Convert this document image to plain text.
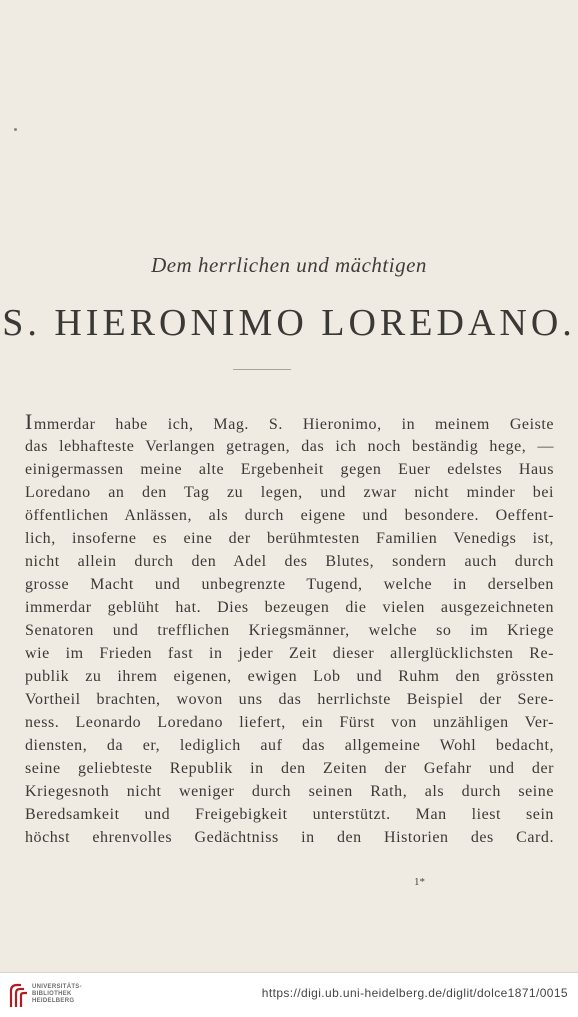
Dem herrlichen und mächtigen
S. HIERONIMO LOREDANO.
Immerdar habe ich, Mag. S. Hieronimo, in meinem Geiste
das lebhafteste Verlangen getragen, das ich noch beständig hege, —
einigermassen meine alte Ergebenheit gegen Euer edelstes Haus
Loredano an den Tag zu legen, und zwar nicht minder bei
öffentlichen Anlässen, als durch eigene und besondere. Oeffent-
lich, insoferne es eine der berühmtesten Familien Venedigs ist,
nicht allein durch den Adel des Blutes, sondern auch durch
grosse Macht und unbegrenzte Tugend, welche in derselben
immerdar geblüht hat. Dies bezeugen die vielen ausgezeichneten
Senatoren und trefflichen Kriegsmänner, welche so im Kriege
wie im Frieden fast in jeder Zeit dieser allerglücklichsten Re-
publik zu ihrem eigenen, ewigen Lob und Ruhm den grössten
Vortheil brachten, wovon uns das herrlichste Beispiel der Sere-
ness. Leonardo Loredano liefert, ein Fürst von unzähligen Ver-
diensten, da er, lediglich auf das allgemeine Wohl bedacht,
seine geliebteste Republik in den Zeiten der Gefahr und der
Kriegesnoth nicht weniger durch seinen Rath, als durch seine
Beredsamkeit und Freigebigkeit unterstützt. Man liest sein
höchst ehrenvolles Gedächtniss in den Historien des Card.
1*
UNIVERSITÄTS-
BIBLIOTHEK
HEIDELBERG
https://digi.ub.uni-heidelberg.de/diglit/dolce1871/0015
